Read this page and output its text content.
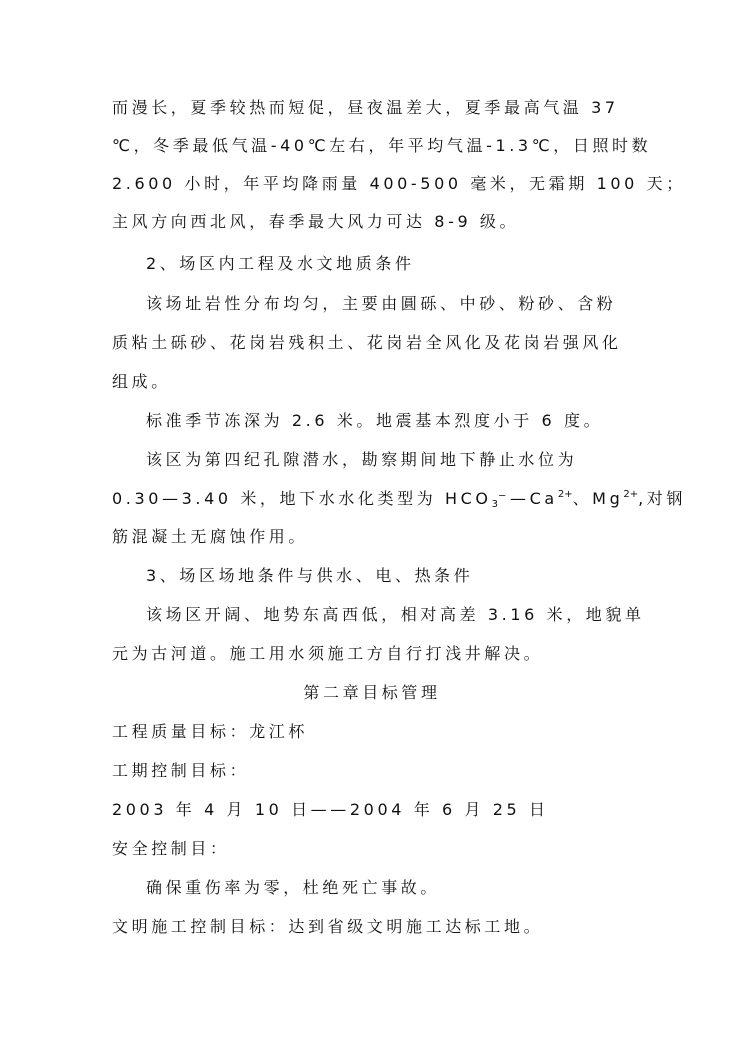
而漫长，夏季较热而短促，昼夜温差大，夏季最高气温 37
℃，冬季最低气温-40℃左右，年平均气温-1.3℃，日照时数
2.600 小时，年平均降雨量 400-500 毫米，无霜期 100 天；
主风方向西北风，春季最大风力可达 8-9 级。
2、场区内工程及水文地质条件
该场址岩性分布均匀，主要由圓砾、中砂、粉砂、含粉
质粘土砾砂、花岗岩残积土、花岗岩全风化及花岗岩强风化
组成。
标准季节冻深为 2.6 米。地震基本烈度小于 6 度。
该区为第四纪孔隙潜水，勘察期间地下静止水位为
0.30—3.40 米，地下水水化类型为 $HCO_3^-—Ca^{2+}$、$Mg^{2+}$,对钢
筋混凝土无腐蚀作用。
3、场区场地条件与供水、电、热条件
该场区开阔、地势东高西低，相对高差 3.16 米，地貌单
元为古河道。施工用水须施工方自行打浅井解决。
第二章目标管理
工程质量目标：龙江杯
工期控制目标：
2003 年 4 月 10 日——2004 年 6 月 25 日
安全控制目：
确保重伤率为零，杜绝死亡事故。
文明施工控制目标：达到省级文明施工达标工地。
